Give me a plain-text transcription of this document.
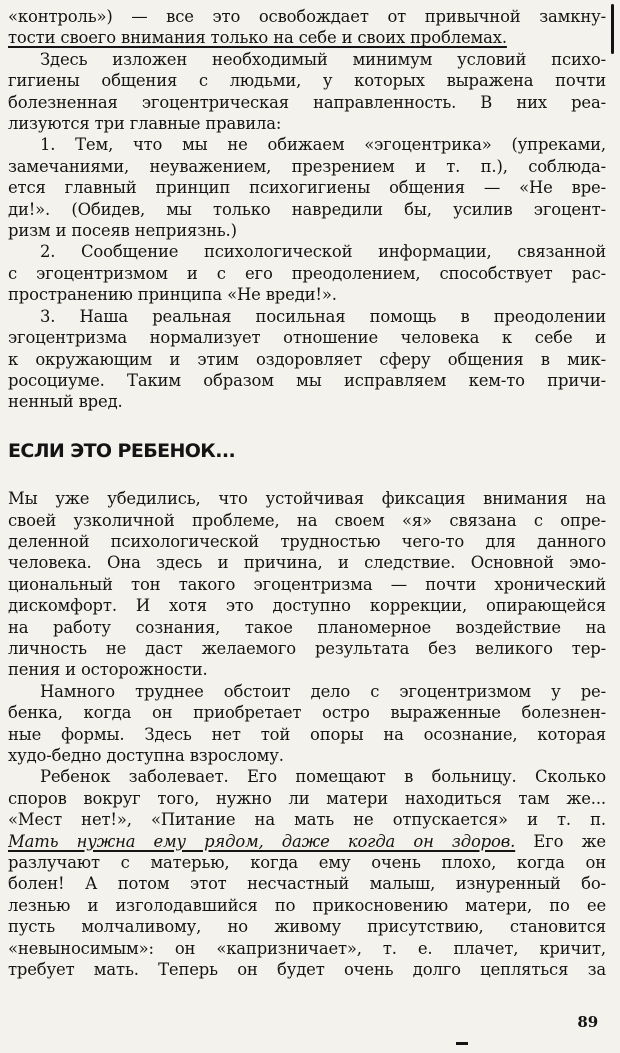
«контроль») — все это освобождает от привычной замкну-
тости своего внимания только на себе и своих проблемах.
Здесь изложен необходимый минимум условий психо-
гигиены общения с людьми, у которых выражена почти
болезненная эгоцентрическая направленность. В них реа-
лизуются три главные правила:
1. Тем, что мы не обижаем «эгоцентрика» (упреками,
замечаниями, неуважением, презрением и т. п.), соблюда-
ется главный принцип психогигиены общения — «Не вре-
ди!». (Обидев, мы только навредили бы, усилив эгоцент-
ризм и посеяв неприязнь.)
2. Сообщение психологической информации, связанной
с эгоцентризмом и с его преодолением, способствует рас-
пространению принципа «Не вреди!».
3. Наша реальная посильная помощь в преодолении
эгоцентризма нормализует отношение человека к себе и
к окружающим и этим оздоровляет сферу общения в мик-
росоциуме. Таким образом мы исправляем кем-то причи-
ненный вред.
ЕСЛИ ЭТО РЕБЕНОК...
Мы уже убедились, что устойчивая фиксация внимания на
своей узколичной проблеме, на своем «я» связана с опре-
деленной психологической трудностью чего-то для данного
человека. Она здесь и причина, и следствие. Основной эмо-
циональный тон такого эгоцентризма — почти хронический
дискомфорт. И хотя это доступно коррекции, опирающейся
на работу сознания, такое планомерное воздействие на
личность не даст желаемого результата без великого тер-
пения и осторожности.
Намного труднее обстоит дело с эгоцентризмом у ре-
бенка, когда он приобретает остро выраженные болезнен-
ные формы. Здесь нет той опоры на осознание, которая
худо-бедно доступна взрослому.
Ребенок заболевает. Его помещают в больницу. Сколько
споров вокруг того, нужно ли матери находиться там же...
«Мест нет!», «Питание на мать не отпускается» и т. п.
Мать нужна ему рядом, даже когда он здоров. Его же
разлучают с матерью, когда ему очень плохо, когда он
болен! А потом этот несчастный малыш, изнуренный бо-
лезнью и изголодавшийся по прикосновению матери, по ее
пусть молчаливому, но живому присутствию, становится
«невыносимым»: он «капризничает», т. е. плачет, кричит,
требует мать. Теперь он будет очень долго цепляться за
89
